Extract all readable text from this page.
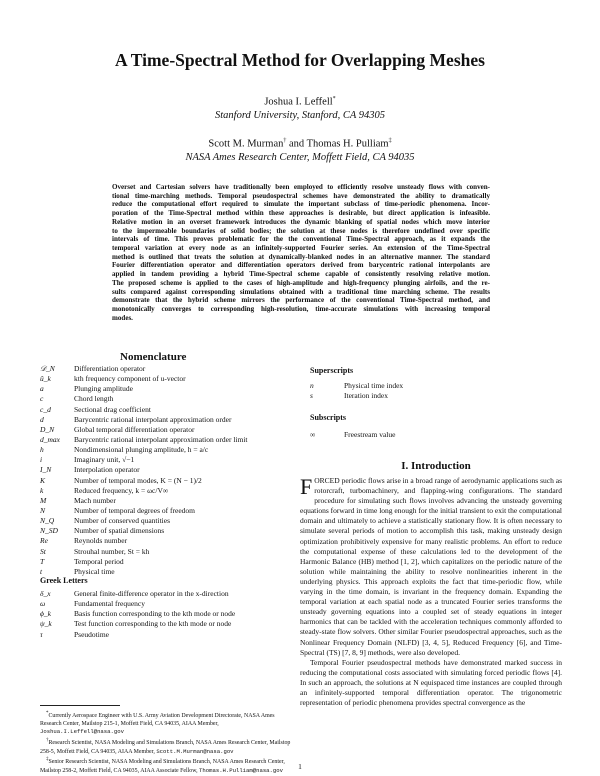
A Time-Spectral Method for Overlapping Meshes
Joshua I. Leffell*
Stanford University, Stanford, CA 94305
Scott M. Murman† and Thomas H. Pulliam‡
NASA Ames Research Center, Moffett Field, CA 94035
Overset and Cartesian solvers have traditionally been employed to efficiently resolve unsteady flows with conven-
tional time-marching methods. Temporal pseudospectral schemes have demonstrated the ability to dramatically
reduce the computational effort required to simulate the important subclass of time-periodic phenomena. Incor-
poration of the Time-Spectral method within these approaches is desirable, but direct application is infeasible.
Relative motion in an overset framework introduces the dynamic blanking of spatial nodes which move interior
to the impermeable boundaries of solid bodies; the solution at these nodes is therefore undefined over specific
intervals of time. This proves problematic for the the conventional Time-Spectral approach, as it expands the
temporal variation at every node as an infinitely-supported Fourier series. An extension of the Time-Spectral
method is outlined that treats the solution at dynamically-blanked nodes in an alternative manner. The standard
Fourier differentiation operator and differentiation operators derived from barycentric rational interpolants are
applied in tandem providing a hybrid Time-Spectral scheme capable of consistently resolving relative motion.
The proposed scheme is applied to the cases of high-amplitude and high-frequency plunging airfoils, and the re-
sults compared against corresponding simulations obtained with a traditional time marching scheme. The results
demonstrate that the hybrid scheme mirrors the performance of the conventional Time-Spectral method, and
monotonically converges to corresponding high-resolution, time-accurate simulations with increasing temporal
modes.
Nomenclature
𝒟_N	Differentiation operator
û_k	kth frequency component of u-vector
a	Plunging amplitude
c	Chord length
c_d	Sectional drag coefficient
d	Barycentric rational interpolant approximation order
D_N	Global temporal differentiation operator
d_max	Barycentric rational interpolant approximation order limit
h	Nondimensional plunging amplitude, h = a/c
i	Imaginary unit, √−1
I_N	Interpolation operator
K	Number of temporal modes, K = (N − 1)/2
k	Reduced frequency, k = ωc/V∞
M	Mach number
N	Number of temporal degrees of freedom
N_Q	Number of conserved quantities
N_SD	Number of spatial dimensions
Re	Reynolds number
St	Strouhal number, St = kh
T	Temporal period
t	Physical time
Greek Letters
δ_x	General finite-difference operator in the x-direction
ω	Fundamental frequency
ϕ_k	Basis function corresponding to the kth mode or node
ψ_k	Test function corresponding to the kth mode or node
τ	Pseudotime
Superscripts
n	Physical time index
s	Iteration index
Subscripts
∞	Freestream value
I. Introduction

FORCED periodic flows arise in a broad range of aerodynamic applications such as rotorcraft, turbomachinery, and flapping-wing configurations. The standard procedure for simulating such flows involves advancing the unsteady governing equations forward in time long enough for the initial transient to exit the computational domain and ultimately to achieve a statistically stationary flow. It is often necessary to simulate several periods of motion to accomplish this task, making unsteady design optimization prohibitively expensive for many realistic problems. An effort to reduce the computational expense of these calculations led to the development of the Harmonic Balance (HB) method [1, 2], which capitalizes on the periodic nature of the solution while maintaining the ability to resolve nonlinearities inherent in the underlying physics. This approach exploits the fact that time-periodic flow, while varying in the time domain, is invariant in the frequency domain. Expanding the temporal variation at each spatial node as a truncated Fourier series transforms the unsteady governing equations into a coupled set of steady equations in integer harmonics that can be tackled with the acceleration techniques commonly afforded to steady-state flow solvers. Other similar Fourier pseudospectral approaches, such as the Nonlinear Frequency Domain (NLFD) [3, 4, 5], Reduced Frequency [6], and Time-Spectral (TS) [7, 8, 9] methods, were also developed.

Temporal Fourier pseudospectral methods have demonstrated marked success in reducing the computational costs associated with simulating forced periodic flows [4]. In such an approach, the solutions at N equispaced time instances are coupled through an infinitely-supported temporal differentiation operator. The trigonometric representation of periodic phenomena provides spectral convergence as the

*Currently Aerospace Engineer with U.S. Army Aviation Development Directorate, NASA Ames Research Center, Mailstop 215-1, Moffett Field, CA 94035, AIAA Member, Joshua.I.Leffell@nasa.gov
†Research Scientist, NASA Modeling and Simulations Branch, NASA Ames Research Center, Mailstop 258-5, Moffett Field, CA 94035, AIAA Member, Scott.M.Murman@nasa.gov
‡Senior Research Scientist, NASA Modeling and Simulations Branch, NASA Ames Research Center, Mailstop 258-2, Moffett Field, CA 94035, AIAA Associate Fellow, Thomas.H.Pulliam@nasa.gov	1
